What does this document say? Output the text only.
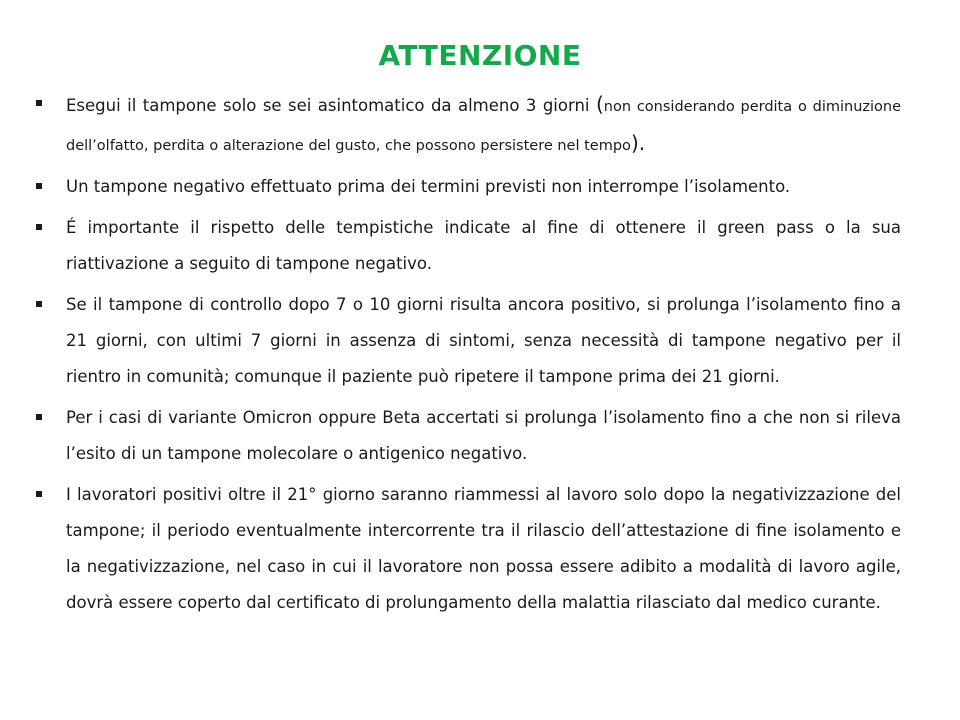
ATTENZIONE
Esegui il tampone solo se sei asintomatico da almeno 3 giorni (non considerando perdita o diminuzione dell’olfatto, perdita o alterazione del gusto, che possono persistere nel tempo).
Un tampone negativo effettuato prima dei termini previsti non interrompe l’isolamento.
É importante il rispetto delle tempistiche indicate al fine di ottenere il green pass o la sua riattivazione a seguito di tampone negativo.
Se il tampone di controllo dopo 7 o 10 giorni risulta ancora positivo, si prolunga l’isolamento fino a 21 giorni, con ultimi 7 giorni in assenza di sintomi, senza necessità di tampone negativo per il rientro in comunità; comunque il paziente può ripetere il tampone prima dei 21 giorni.
Per i casi di variante Omicron oppure Beta accertati si prolunga l’isolamento fino a che non si rileva l’esito di un tampone molecolare o antigenico negativo.
I lavoratori positivi oltre il 21° giorno saranno riammessi al lavoro solo dopo la negativizzazione del tampone; il periodo eventualmente intercorrente tra il rilascio dell’attestazione di fine isolamento e la negativizzazione, nel caso in cui il lavoratore non possa essere adibito a modalità di lavoro agile, dovrà essere coperto dal certificato di prolungamento della malattia rilasciato dal medico curante.
